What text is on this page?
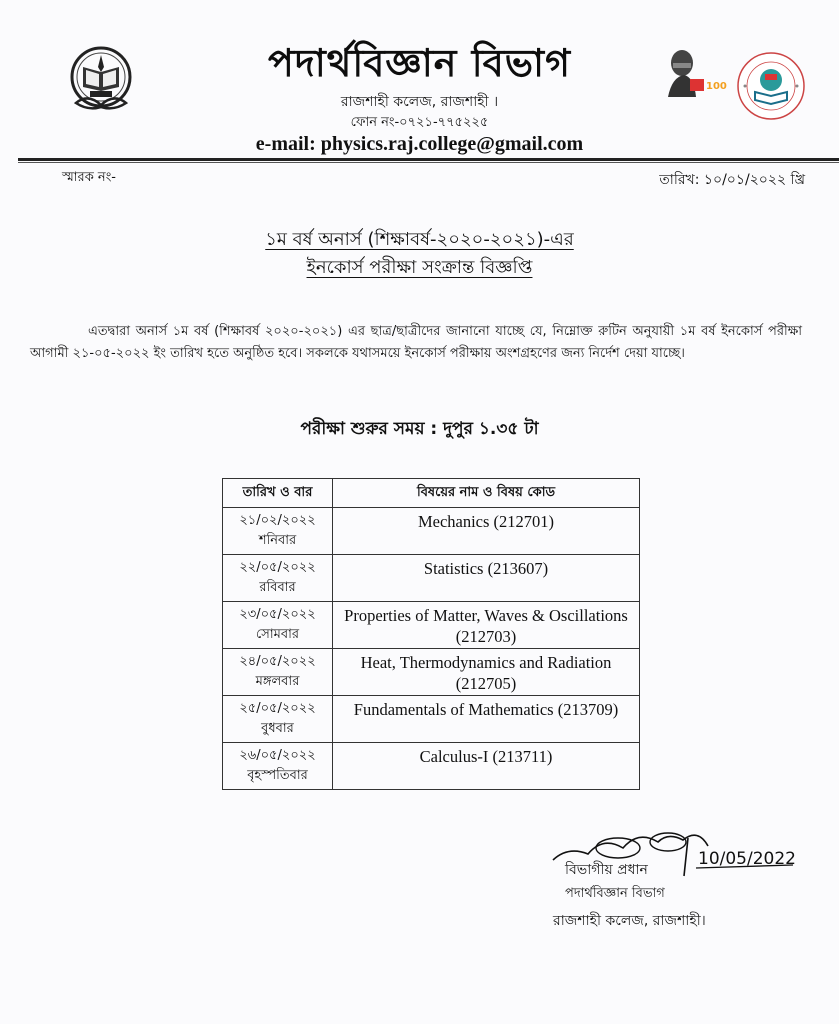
পদার্থবিজ্ঞান বিভাগ
রাজশাহী কলেজ, রাজশাহী ।
ফোন নং-০৭২১-৭৭৫২২৫
e-mail: physics.raj.college@gmail.com
100
স্মারক নং-	তারিখ: ১০/০১/২০২২ খ্রি
১ম বর্ষ অনার্স (শিক্ষাবর্ষ-২০২০-২০২১)-এর
ইনকোর্স পরীক্ষা সংক্রান্ত বিজ্ঞপ্তি
এতদ্বারা অনার্স ১ম বর্ষ (শিক্ষাবর্ষ ২০২০-২০২১) এর ছাত্র/ছাত্রীদের জানানো যাচ্ছে যে, নিম্নোক্ত রুটিন অনুযায়ী ১ম বর্ষ ইনকোর্স পরীক্ষা আগামী ২১-০৫-২০২২ ইং তারিখ হতে অনুষ্ঠিত হবে। সকলকে যথাসময়ে ইনকোর্স পরীক্ষায় অংশগ্রহণের জন্য নির্দেশ দেয়া যাচ্ছে।
পরীক্ষা শুরুর সময় : দুপুর ১.৩৫ টা
তারিখ ও বার	বিষয়ের নাম ও বিষয় কোড
২১/০২/২০২২
শনিবার	Mechanics (212701)
২২/০৫/২০২২
রবিবার	Statistics (213607)
২৩/০৫/২০২২
সোমবার	Properties of Matter, Waves & Oscillations (212703)
২৪/০৫/২০২২
মঙ্গলবার	Heat, Thermodynamics and Radiation (212705)
২৫/০৫/২০২২
বুধবার	Fundamentals of Mathematics (213709)
২৬/০৫/২০২২
বৃহস্পতিবার	Calculus-I (213711)
10/05/2022
বিভাগীয় প্রধান
পদার্থবিজ্ঞান বিভাগ
রাজশাহী কলেজ, রাজশাহী।
